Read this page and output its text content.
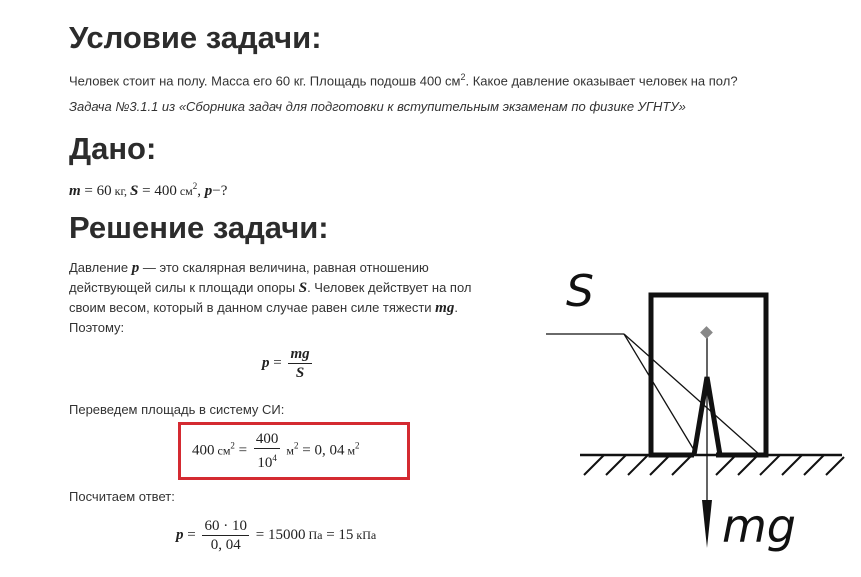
Условие задачи:

Человек стоит на полу. Масса его 60 кг. Площадь подошв 400 $см^2$. Какое давление оказывает человек на пол?

Задача №3.1.1 из «Сборника задач для подготовки к вступительным экзаменам по физике УГНТУ»

Дано:

m = 60 кг, S = 400 $см^2$, p−?

Решение задачи:

Давление p — это скалярная величина, равная отношению
действующей силы к площади опоры S. Человек действует на пол
своим весом, который в данном случае равен силе тяжести mg.
Поэтому:

$p = \frac{mg}{S}$

Переведем площадь в систему СИ:

400 $см^2 = \frac{400}{10^4} м^2 = 0$, 04 $м^2$

Посчитаем ответ:

$p = \frac{60 \cdot 10}{0, 04} = 15000$ Па = 15 кПа
S
mg
